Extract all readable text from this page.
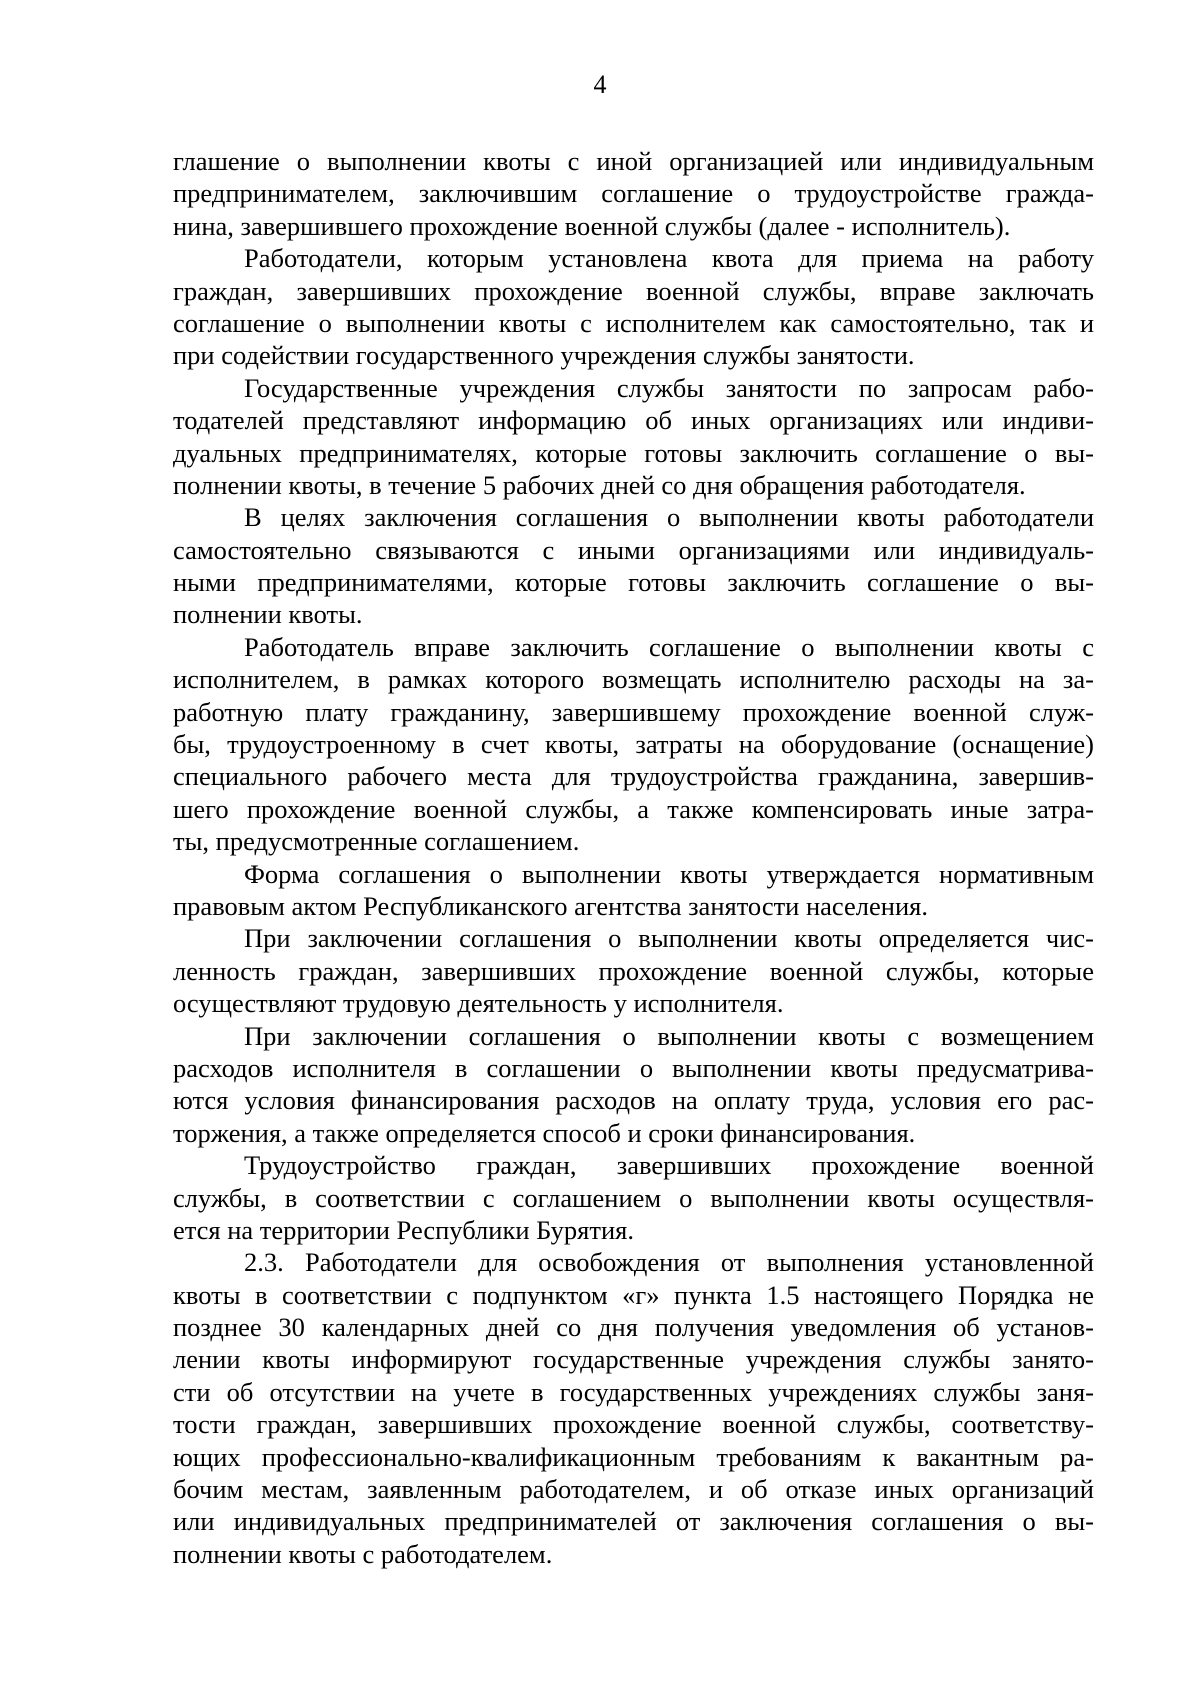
4
глашение о выполнении квоты с иной организацией или индивидуальным
предпринимателем, заключившим соглашение о трудоустройстве гражда-
нина, завершившего прохождение военной службы (далее - исполнитель).
Работодатели, которым установлена квота для приема на работу
граждан, завершивших прохождение военной службы, вправе заключать
соглашение о выполнении квоты с исполнителем как самостоятельно, так и
при содействии государственного учреждения службы занятости.
Государственные учреждения службы занятости по запросам рабо-
тодателей представляют информацию об иных организациях или индиви-
дуальных предпринимателях, которые готовы заключить соглашение о вы-
полнении квоты, в течение 5 рабочих дней со дня обращения работодателя.
В целях заключения соглашения о выполнении квоты работодатели
самостоятельно связываются с иными организациями или индивидуаль-
ными предпринимателями, которые готовы заключить соглашение о вы-
полнении квоты.
Работодатель вправе заключить соглашение о выполнении квоты с
исполнителем, в рамках которого возмещать исполнителю расходы на за-
работную плату гражданину, завершившему прохождение военной служ-
бы, трудоустроенному в счет квоты, затраты на оборудование (оснащение)
специального рабочего места для трудоустройства гражданина, завершив-
шего прохождение военной службы, а также компенсировать иные затра-
ты, предусмотренные соглашением.
Форма соглашения о выполнении квоты утверждается нормативным
правовым актом Республиканского агентства занятости населения.
При заключении соглашения о выполнении квоты определяется чис-
ленность граждан, завершивших прохождение военной службы, которые
осуществляют трудовую деятельность у исполнителя.
При заключении соглашения о выполнении квоты с возмещением
расходов исполнителя в соглашении о выполнении квоты предусматрива-
ются условия финансирования расходов на оплату труда, условия его рас-
торжения, а также определяется способ и сроки финансирования.
Трудоустройство граждан, завершивших прохождение военной
службы, в соответствии с соглашением о выполнении квоты осуществля-
ется на территории Республики Бурятия.
2.3. Работодатели для освобождения от выполнения установленной
квоты в соответствии с подпунктом «г» пункта 1.5 настоящего Порядка не
позднее 30 календарных дней со дня получения уведомления об установ-
лении квоты информируют государственные учреждения службы занято-
сти об отсутствии на учете в государственных учреждениях службы заня-
тости граждан, завершивших прохождение военной службы, соответству-
ющих профессионально-квалификационным требованиям к вакантным ра-
бочим местам, заявленным работодателем, и об отказе иных организаций
или индивидуальных предпринимателей от заключения соглашения о вы-
полнении квоты с работодателем.
